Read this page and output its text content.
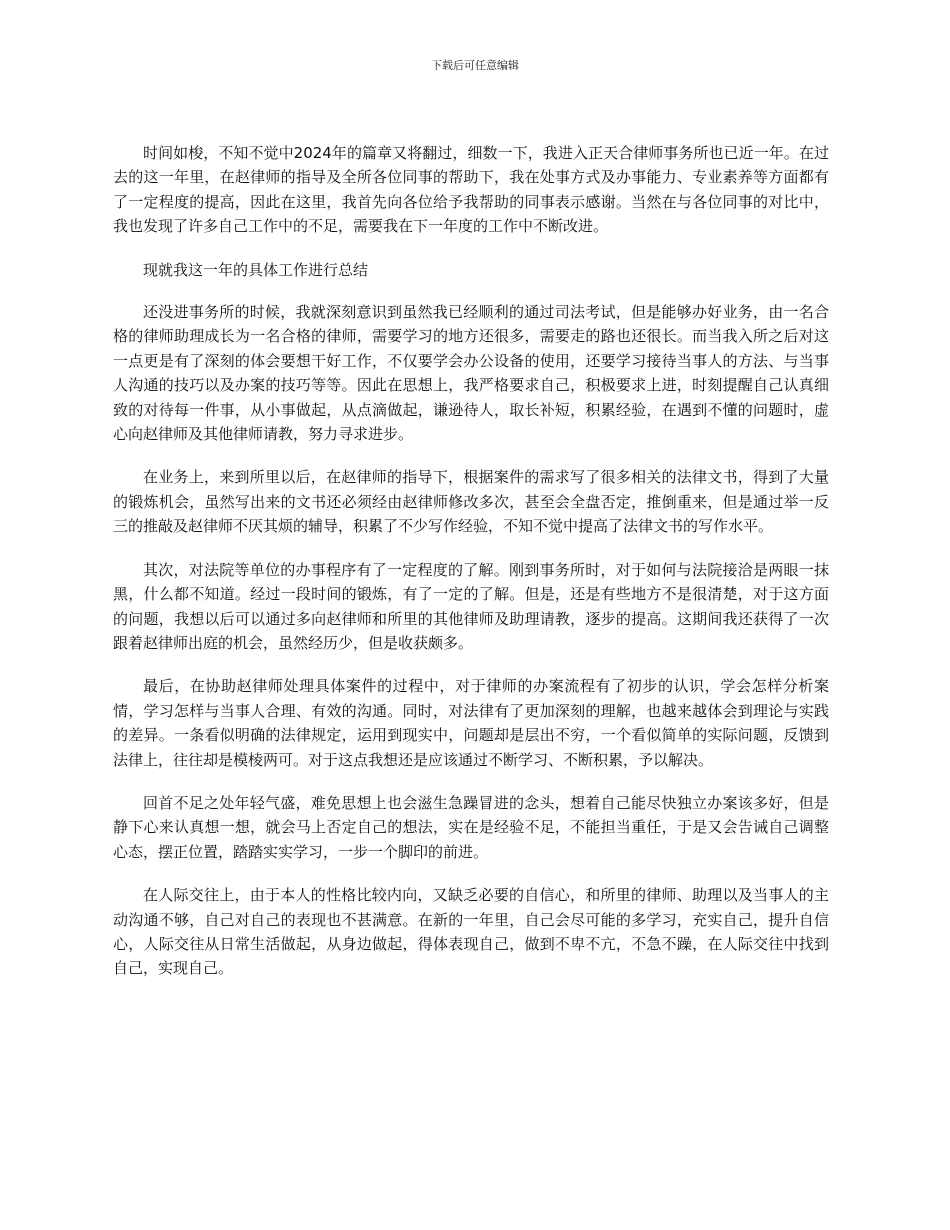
下载后可任意编辑

时间如梭，不知不觉中2024年的篇章又将翻过，细数一下，我进入正天合律师事务所也已近一年。在过去的这一年里，在赵律师的指导及全所各位同事的帮助下，我在处事方式及办事能力、专业素养等方面都有了一定程度的提高，因此在这里，我首先向各位给予我帮助的同事表示感谢。当然在与各位同事的对比中，我也发现了许多自己工作中的不足，需要我在下一年度的工作中不断改进。

现就我这一年的具体工作进行总结

还没进事务所的时候，我就深刻意识到虽然我已经顺利的通过司法考试，但是能够办好业务，由一名合格的律师助理成长为一名合格的律师，需要学习的地方还很多，需要走的路也还很长。而当我入所之后对这一点更是有了深刻的体会要想干好工作，不仅要学会办公设备的使用，还要学习接待当事人的方法、与当事人沟通的技巧以及办案的技巧等等。因此在思想上，我严格要求自己，积极要求上进，时刻提醒自己认真细致的对待每一件事，从小事做起，从点滴做起，谦逊待人，取长补短，积累经验，在遇到不懂的问题时，虚心向赵律师及其他律师请教，努力寻求进步。

在业务上，来到所里以后，在赵律师的指导下，根据案件的需求写了很多相关的法律文书，得到了大量的锻炼机会，虽然写出来的文书还必须经由赵律师修改多次，甚至会全盘否定，推倒重来，但是通过举一反三的推敲及赵律师不厌其烦的辅导，积累了不少写作经验，不知不觉中提高了法律文书的写作水平。

其次，对法院等单位的办事程序有了一定程度的了解。刚到事务所时，对于如何与法院接洽是两眼一抹黑，什么都不知道。经过一段时间的锻炼，有了一定的了解。但是，还是有些地方不是很清楚，对于这方面的问题，我想以后可以通过多向赵律师和所里的其他律师及助理请教，逐步的提高。这期间我还获得了一次跟着赵律师出庭的机会，虽然经历少，但是收获颇多。

最后，在协助赵律师处理具体案件的过程中，对于律师的办案流程有了初步的认识，学会怎样分析案情，学习怎样与当事人合理、有效的沟通。同时，对法律有了更加深刻的理解，也越来越体会到理论与实践的差异。一条看似明确的法律规定，运用到现实中，问题却是层出不穷，一个看似简单的实际问题，反馈到法律上，往往却是模棱两可。对于这点我想还是应该通过不断学习、不断积累，予以解决。

回首不足之处年轻气盛，难免思想上也会滋生急躁冒进的念头，想着自己能尽快独立办案该多好，但是静下心来认真想一想，就会马上否定自己的想法，实在是经验不足，不能担当重任，于是又会告诫自己调整心态，摆正位置，踏踏实实学习，一步一个脚印的前进。

在人际交往上，由于本人的性格比较内向，又缺乏必要的自信心，和所里的律师、助理以及当事人的主动沟通不够，自己对自己的表现也不甚满意。在新的一年里，自己会尽可能的多学习，充实自己，提升自信心，人际交往从日常生活做起，从身边做起，得体表现自己，做到不卑不亢，不急不躁，在人际交往中找到自己，实现自己。
